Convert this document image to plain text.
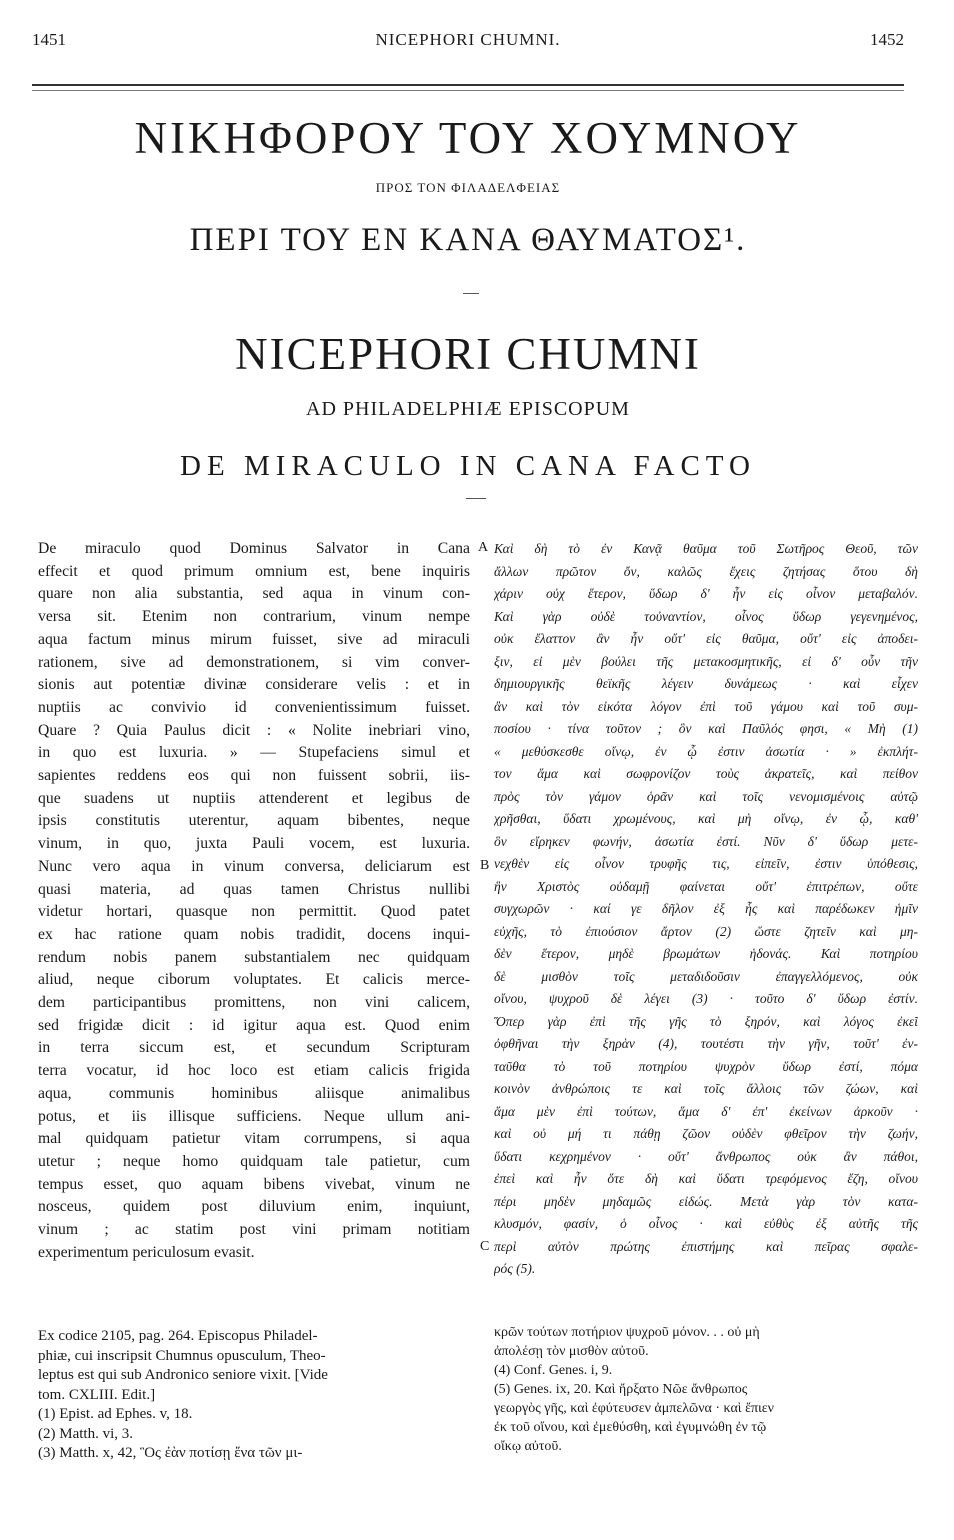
1451	NICEPHORI CHUMNI.	1452
ΝΙΚΗΦΟΡΟΥ ΤΟΥ ΧΟΥΜΝΟΥ
ΠΡΟΣ ΤΟΝ ΦΙΛΑΔΕΛΦΕΙΑΣ
ΠΕΡΙ ΤΟΥ ΕΝ ΚΑΝΑ ΘΑΥΜΑΤΟΣ¹.
NICEPHORI CHUMNI
AD PHILADELPHIÆ EPISCOPUM
DE MIRACULO IN CANA FACTO
De miraculo quod Dominus Salvator in Cana
effecit et quod primum omnium est, bene inquiris
quare non alia substantia, sed aqua in vinum con-
versa sit. Etenim non contrarium, vinum nempe
aqua factum minus mirum fuisset, sive ad miraculi
rationem, sive ad demonstrationem, si vim conver-
sionis aut potentiæ divinæ considerare velis : et in
nuptiis ac convivio id convenientissimum fuisset.
Quare ? Quia Paulus dicit : « Nolite inebriari vino,
in quo est luxuria. » — Stupefaciens simul et
sapientes reddens eos qui non fuissent sobrii, iis-
que suadens ut nuptiis attenderent et legibus de
ipsis constitutis uterentur, aquam bibentes, neque
vinum, in quo, juxta Pauli vocem, est luxuria.
Nunc vero aqua in vinum conversa, deliciarum est
quasi materia, ad quas tamen Christus nullibi
videtur hortari, quasque non permittit. Quod patet
ex hac ratione quam nobis tradidit, docens inqui-
rendum nobis panem substantialem nec quidquam
aliud, neque ciborum voluptates. Et calicis merce-
dem participantibus promittens, non vini calicem,
sed frigidæ dicit : id igitur aqua est. Quod enim
in terra siccum est, et secundum Scripturam
terra vocatur, id hoc loco est etiam calicis frigida
aqua, communis hominibus aliisque animalibus
potus, et iis illisque sufficiens. Neque ullum ani-
mal quidquam patietur vitam corrumpens, si aqua
utetur ; neque homo quidquam tale patietur, cum
tempus esset, quo aquam bibens vivebat, vinum ne
nosceus, quidem post diluvium enim, inquiunt,
vinum ; ac statim post vini primam notitiam
experimentum periculosum evasit.
Καὶ δὴ τὸ ἐν Κανᾷ θαῦμα τοῦ Σωτῆρος Θεοῦ, τῶν
ἄλλων πρῶτον ὄν, καλῶς ἔχεις ζητήσας ὅτου δὴ
χάριν οὐχ ἕτερον, ὕδωρ δ' ἦν εἰς οἶνον μεταβαλόν.
Καὶ γὰρ οὐδὲ τοὐναντίον, οἶνος ὕδωρ γεγενημένος,
οὐκ ἔλαττον ἂν ἦν οὔτ' εἰς θαῦμα, οὔτ' εἰς ἀποδει-
ξιν, εἰ μὲν βούλει τῆς μετακοσμητικῆς, εἰ δ' οὖν τῆν
δημιουργικῆς θεϊκῆς λέγειν δυνάμεως · καὶ εἶχεν
ἂν καὶ τὸν εἰκότα λόγον ἐπὶ τοῦ γάμου καὶ τοῦ συμ-
ποσίου · τίνα τοῦτον ; ὃν καὶ Παῦλός φησι, « Μὴ (1)
« μεθύσκεσθε οἴνῳ, ἐν ᾧ ἐστιν ἀσωτία · » ἐκπλήτ-
τον ἅμα καὶ σωφρονίζον τοὺς ἀκρατεῖς, καὶ πείθον
πρὸς τὸν γάμον ὁρᾶν καὶ τοῖς νενομισμένοις αὐτῷ
χρῆσθαι, ὕδατι χρωμένους, καὶ μὴ οἴνῳ, ἐν ᾧ, καθ'
ὃν εἴρηκεν φωνήν, ἀσωτία ἐστί. Νῦν δ' ὕδωρ μετε-
νεχθὲν εἰς οἶνον τρυφῆς τις, εἰπεῖν, ἐστιν ὑπόθεσις,
ἣν Χριστὸς οὐδαμῇ φαίνεται οὔτ' ἐπιτρέπων, οὔτε
συγχωρῶν · καί γε δῆλον ἐξ ἧς καὶ παρέδωκεν ἡμῖν
εὐχῆς, τὸ ἐπιούσιον ἄρτον (2) ὥστε ζητεῖν καὶ μη-
δὲν ἕτερον, μηδὲ βρωμάτων ἡδονάς. Καὶ ποτηρίου
δὲ μισθὸν τοῖς μεταδιδοῦσιν ἐπαγγελλόμενος, οὐκ
οἴνου, ψυχροῦ δὲ λέγει (3) · τοῦτο δ' ὕδωρ ἐστίν.
Ὅπερ γὰρ ἐπὶ τῆς γῆς τὸ ξηρόν, καὶ λόγος ἐκεῖ
ὀφθῆναι τὴν ξηρὰν (4), τουτέστι τὴν γῆν, τοῦτ' ἐν-
ταῦθα τὸ τοῦ ποτηρίου ψυχρὸν ὕδωρ ἐστί, πόμα
κοινὸν ἀνθρώποις τε καὶ τοῖς ἄλλοις τῶν ζώων, καὶ
ἅμα μὲν ἐπὶ τούτων, ἅμα δ' ἐπ' ἐκείνων ἀρκοῦν ·
καὶ οὐ μή τι πάθῃ ζῶον οὐδὲν φθεῖρον τὴν ζωήν,
ὕδατι κεχρημένον · οὔτ' ἄνθρωπος οὐκ ἂν πάθοι,
ἐπεὶ καὶ ἦν ὅτε δὴ καὶ ὕδατι τρεφόμενος ἔζη, οἴνου
πέρι μηδὲν μηδαμῶς εἰδώς. Μετὰ γὰρ τὸν κατα-
κλυσμόν, φασίν, ὁ οἶνος · καὶ εὐθὺς ἐξ αὐτῆς τῆς
περὶ αὐτὸν πρώτης ἐπιστήμης καὶ πεῖρας σφαλε-
ρός (5).
A
B
C
Ex codice 2105, pag. 264. Episcopus Philadel-
phiæ, cui inscripsit Chumnus opusculum, Theo-
leptus est qui sub Andronico seniore vixit. [Vide
tom. CXLIII. Edit.]
(1) Epist. ad Ephes. v, 18.
(2) Matth. vi, 3.
(3) Matth. x, 42, Ὃς ἐὰν ποτίσῃ ἕνα τῶν μι-
κρῶν τούτων ποτήριον ψυχροῦ μόνον. . . οὐ μὴ
ἀπολέσῃ τὸν μισθὸν αὐτοῦ.
(4) Conf. Genes. i, 9.
(5) Genes. ix, 20. Καὶ ἤρξατο Νῶε ἄνθρωπος
γεωργὸς γῆς, καὶ ἐφύτευσεν ἀμπελῶνα · καὶ ἔπιεν
ἐκ τοῦ οἴνου, καὶ ἐμεθύσθη, καὶ ἐγυμνώθη ἐν τῷ
οἴκῳ αὐτοῦ.
